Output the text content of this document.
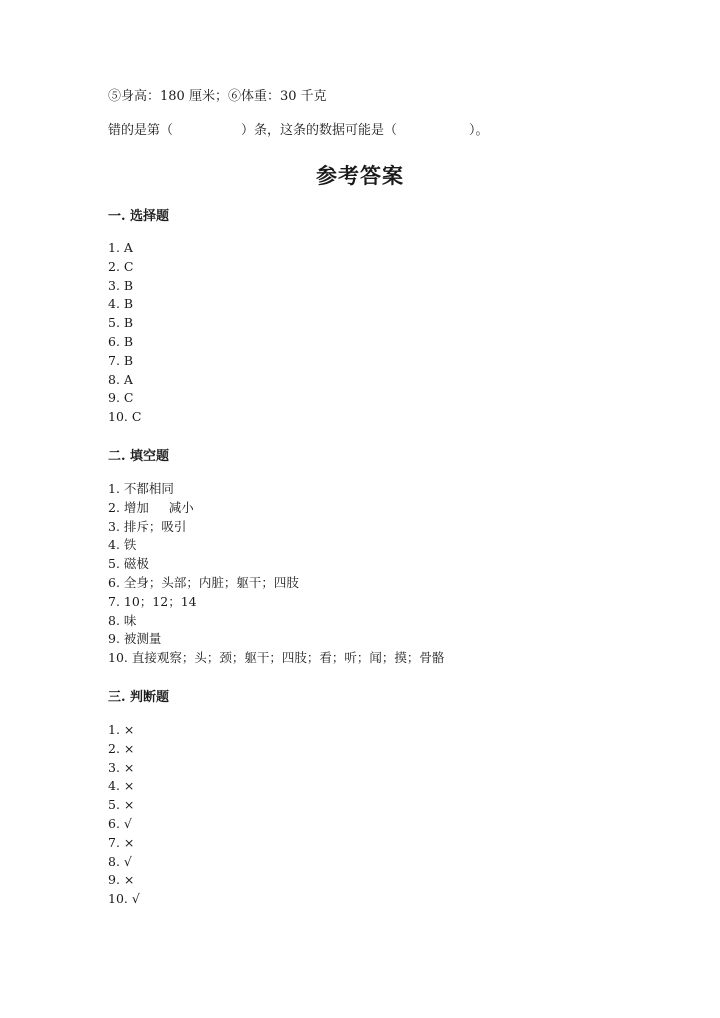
⑤身高：180 厘米；⑥体重：30 千克
错的是第（	）条，这条的数据可能是（	）。
参考答案
一. 选择题
1. A
2. C
3. B
4. B
5. B
6. B
7. B
8. A
9. C
10. C
二. 填空题
1. 不都相同
2. 增加     减小
3. 排斥；吸引
4. 铁
5. 磁极
6. 全身；头部；内脏；躯干；四肢
7. 10；12；14
8. 味
9. 被测量
10. 直接观察；头；颈；躯干；四肢；看；听；闻；摸；骨骼
三. 判断题
1. ×
2. ×
3. ×
4. ×
5. ×
6. √
7. ×
8. √
9. ×
10. √
